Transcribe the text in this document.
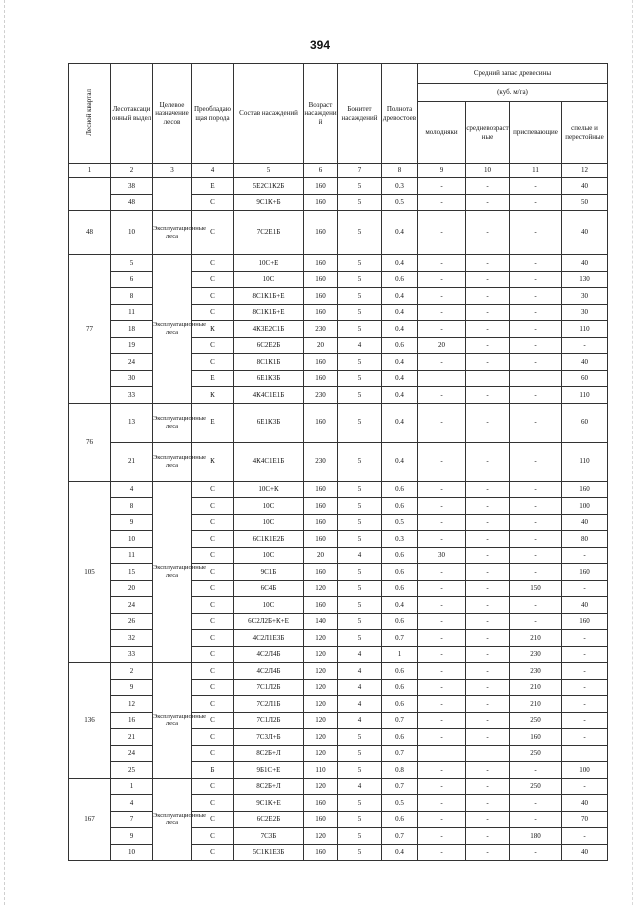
394
Лесной квартал	Лесотаксационный выдел	Целевое назначение лесов	Преобладающая порода	Состав насаждений	Возраст насаждений	Бонитет насаждений	Полнота древостоев	Средний запас древесины			
								(куб. м/га)			
								молодняки	средневозрастные	приспевающие	спелые и перестойные
1	2	3	4	5	6	7	8	9	10	11	12
	38		Е	5Е2С1К2Б	160	5	0.3	-	-	-	40
	48		С	9С1К+Б	160	5	0.5	-	-	-	50
48	10	Эксплуатационные леса	С	7С2Е1Б	160	5	0.4	-	-	-	40
77	5	Эксплуатационные леса	С	10С+Е	160	5	0.4	-	-	-	40
	6		С	10С	160	5	0.6	-	-	-	130
	8		С	8С1К1Б+Е	160	5	0.4	-	-	-	30
	11		С	8С1К1Б+Е	160	5	0.4	-	-	-	30
	18		К	4К3Е2С1Б	230	5	0.4	-	-	-	110
	19		С	6С2Е2Б	20	4	0.6	20	-	-	-
	24		С	8С1К1Б	160	5	0.4	-	-	-	40
	30		Е	6Е1К3Б	160	5	0.4				60
	33		К	4К4С1Е1Б	230	5	0.4	-	-	-	110
76	13	Эксплуатационные леса	Е	6Е1К3Б	160	5	0.4	-	-	-	60
	21	Эксплуатационные леса	К	4К4С1Е1Б	230	5	0.4	-	-	-	110
105	4	Эксплуатационные леса	С	10С+К	160	5	0.6	-	-	-	160
	8		С	10С	160	5	0.6	-	-	-	100
	9		С	10С	160	5	0.5	-	-	-	40
	10		С	6С1К1Е2Б	160	5	0.3	-	-	-	80
	11		С	10С	20	4	0.6	30	-	-	-
	15		С	9С1Б	160	5	0.6	-	-	-	160
	20		С	6С4Б	120	5	0.6	-	-	150	-
	24		С	10С	160	5	0.4	-	-	-	40
	26		С	6С2Л2Б+К+Е	140	5	0.6	-	-	-	160
	32		С	4С2Л1Е3Б	120	5	0.7	-	-	210	-
	33		С	4С2Л4Б	120	4	1	-	-	230	-
136	2	Эксплуатационные леса	С	4С2Л4Б	120	4	0.6	-	-	230	-
	9		С	7С1Л2Б	120	4	0.6	-	-	210	-
	12		С	7С2Л1Б	120	4	0.6	-	-	210	-
	16		С	7С1Л2Б	120	4	0.7	-	-	250	-
	21		С	7С3Л+Б	120	5	0.6	-	-	160	-
	24		С	8С2Б+Л	120	5	0.7			250	
	25		Б	9Б1С+Е	110	5	0.8	-	-	-	100
167	1	Эксплуатационные леса	С	8С2Б+Л	120	4	0.7	-	-	250	-
	4		С	9С1К+Е	160	5	0.5	-	-	-	40
	7		С	6С2Е2Б	160	5	0.6	-	-	-	70
	9		С	7С3Б	120	5	0.7	-	-	180	-
	10		С	5С1К1Е3Б	160	5	0.4	-	-	-	40
